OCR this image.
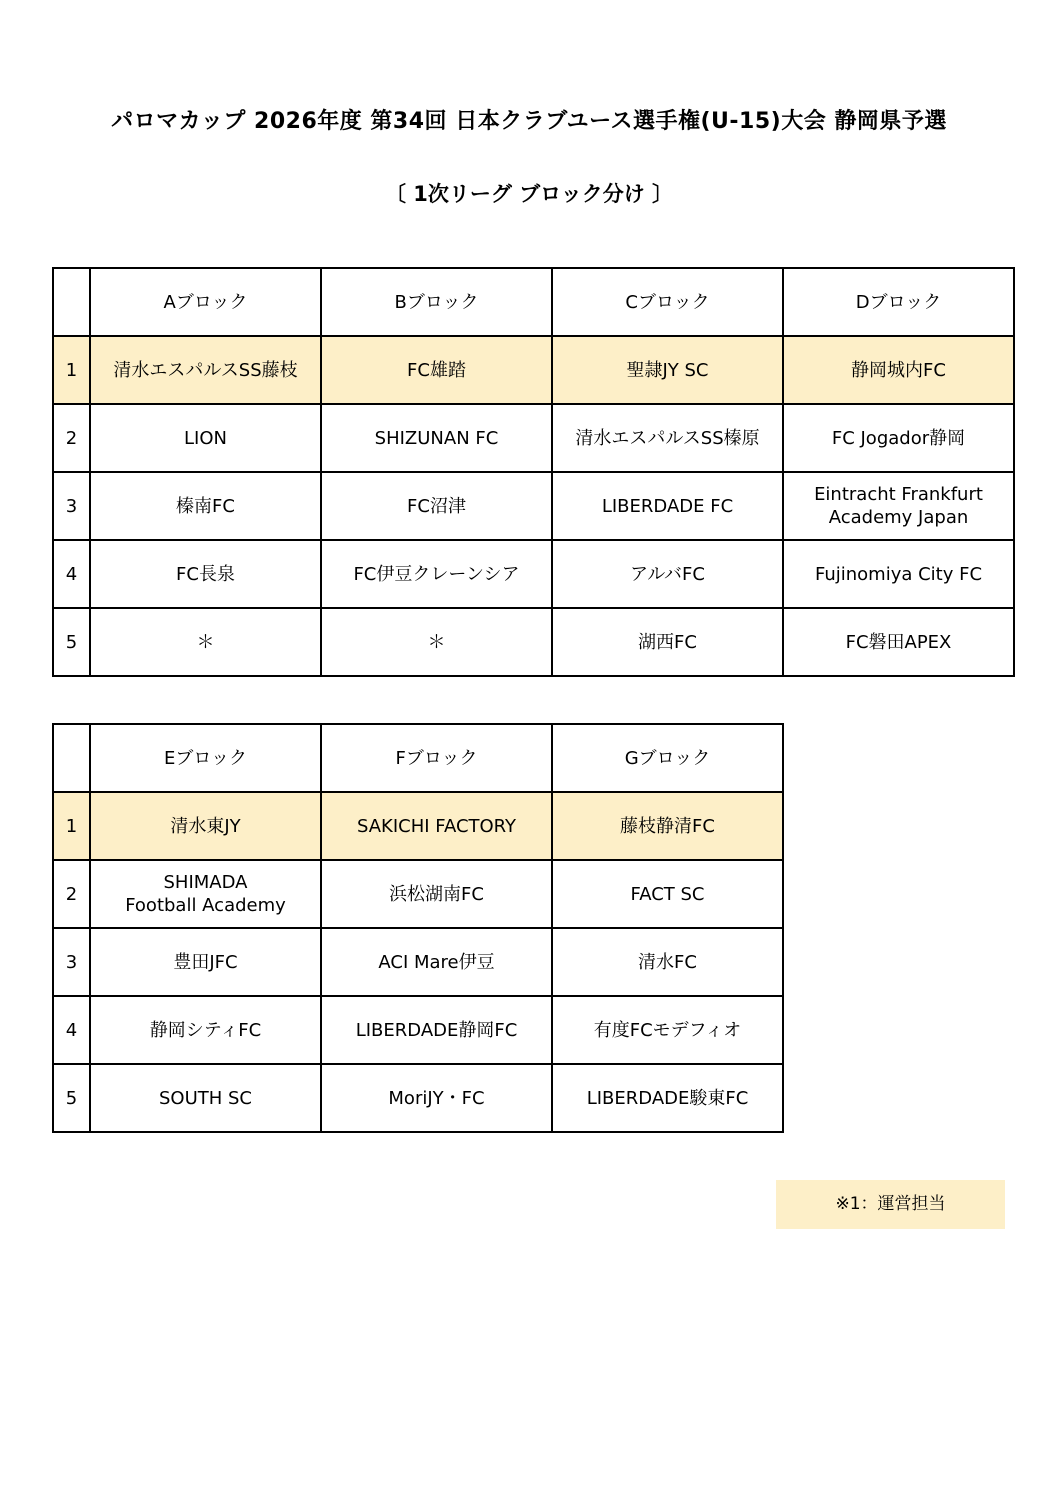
パロマカップ 2026年度 第34回 日本クラブユース選手権(U-15)大会 静岡県予選
〔 1次リーグ ブロック分け 〕
	Aブロック	Bブロック	Cブロック	Dブロック
1	清水エスパルスSS藤枝	FC雄踏	聖隷JY SC	静岡城内FC

2	LION	SHIZUNAN FC	清水エスパルスSS榛原	FC Jogador静岡

3	榛南FC	FC沼津	LIBERDADE FC	Eintracht Frankfurt
Academy Japan

4	FC長泉	FC伊豆クレーンシア	アルバFC	Fujinomiya City FC

5	＊	＊	湖西FC	FC磐田APEX
	Eブロック	Fブロック	Gブロック
1	清水東JY	SAKICHI FACTORY	藤枝静清FC

2	SHIMADA
Football Academy	浜松湖南FC	FACT SC

3	豊田JFC	ACI Mare伊豆	清水FC

4	静岡シティFC	LIBERDADE静岡FC	有度FCモデフィオ

5	SOUTH SC	MoriJY・FC	LIBERDADE駿東FC
※1：運営担当
